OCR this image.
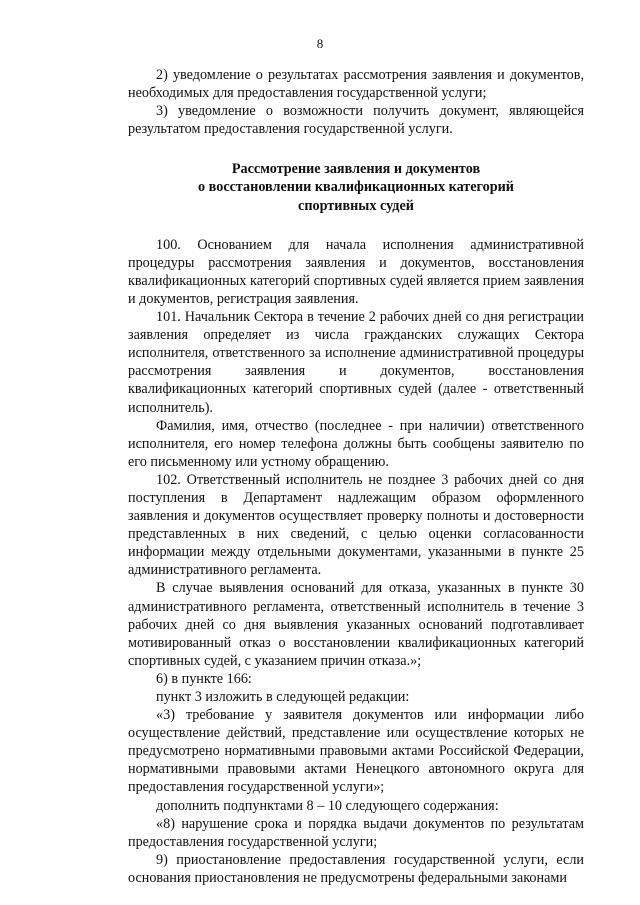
8

2) уведомление о результатах рассмотрения заявления и документов, необходимых для предоставления государственной услуги;

3) уведомление о возможности получить документ, являющейся результатом предоставления государственной услуги.

Рассмотрение заявления и документов
о восстановлении квалификационных категорий
спортивных судей

100. Основанием для начала исполнения административной процедуры рассмотрения заявления и документов, восстановления квалификационных категорий спортивных судей является прием заявления и документов, регистрация заявления.

101. Начальник Сектора в течение 2 рабочих дней со дня регистрации заявления определяет из числа гражданских служащих Сектора исполнителя, ответственного за исполнение административной процедуры рассмотрения заявления и документов, восстановления квалификационных категорий спортивных судей (далее - ответственный исполнитель).

Фамилия, имя, отчество (последнее - при наличии) ответственного исполнителя, его номер телефона должны быть сообщены заявителю по его письменному или устному обращению.

102. Ответственный исполнитель не позднее 3 рабочих дней со дня поступления в Департамент надлежащим образом оформленного заявления и документов осуществляет проверку полноты и достоверности представленных в них сведений, с целью оценки согласованности информации между отдельными документами, указанными в пункте 25 административного регламента.

В случае выявления оснований для отказа, указанных в пункте 30 административного регламента, ответственный исполнитель в течение 3 рабочих дней со дня выявления указанных оснований подготавливает мотивированный отказ о восстановлении квалификационных категорий спортивных судей, с указанием причин отказа.»;

6) в пункте 166:

пункт 3 изложить в следующей редакции:

«3) требование у заявителя документов или информации либо осуществление действий, представление или осуществление которых не предусмотрено нормативными правовыми актами Российской Федерации, нормативными правовыми актами Ненецкого автономного округа для предоставления государственной услуги»;

дополнить подпунктами 8 – 10 следующего содержания:

«8) нарушение срока и порядка выдачи документов по результатам предоставления государственной услуги;

9) приостановление предоставления государственной услуги, если основания приостановления не предусмотрены федеральными законами
